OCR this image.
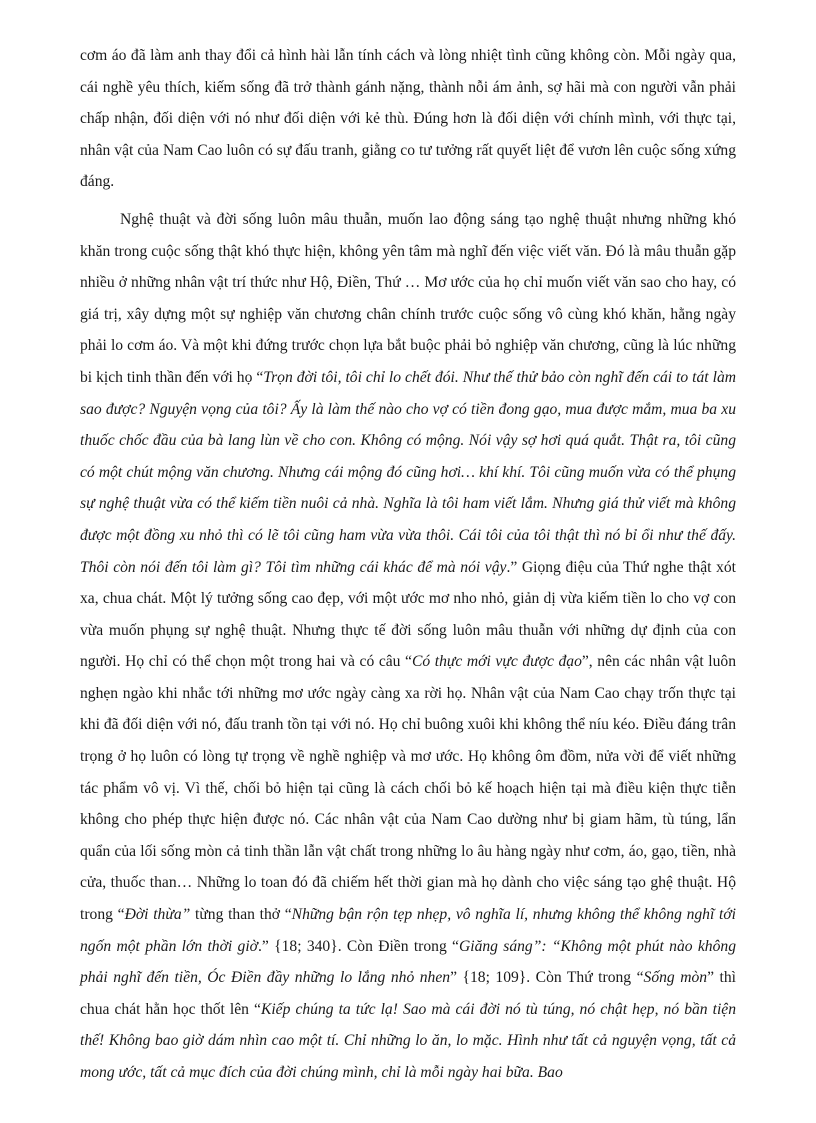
cơm áo đã làm anh thay đổi cả hình hài lẫn tính cách và lòng nhiệt tình cũng không còn. Mỗi ngày qua, cái nghề yêu thích, kiếm sống đã trở thành gánh nặng, thành nỗi ám ảnh, sợ hãi mà con người vẫn phải chấp nhận, đối diện với nó như đối diện với kẻ thù. Đúng hơn là đối diện với chính mình, với thực tại, nhân vật của Nam Cao luôn có sự đấu tranh, giằng co tư tưởng rất quyết liệt để vươn lên cuộc sống xứng đáng.

Nghệ thuật và đời sống luôn mâu thuẫn, muốn lao động sáng tạo nghệ thuật nhưng những khó khăn trong cuộc sống thật khó thực hiện, không yên tâm mà nghĩ đến việc viết văn. Đó là mâu thuẫn gặp nhiều ở những nhân vật trí thức như Hộ, Điền, Thứ … Mơ ước của họ chỉ muốn viết văn sao cho hay, có giá trị, xây dựng một sự nghiệp văn chương chân chính trước cuộc sống vô cùng khó khăn, hằng ngày phải lo cơm áo. Và một khi đứng trước chọn lựa bắt buộc phải bỏ nghiệp văn chương, cũng là lúc những bi kịch tinh thần đến với họ “Trọn đời tôi, tôi chỉ lo chết đói. Như thế thử bảo còn nghĩ đến cái to tát làm sao được? Nguyện vọng của tôi? Ấy là làm thế nào cho vợ có tiền đong gạo, mua được mắm, mua ba xu thuốc chốc đầu của bà lang lùn về cho con. Không có mộng. Nói vậy sợ hơi quá quắt. Thật ra, tôi cũng có một chút mộng văn chương. Nhưng cái mộng đó cũng hơi… khí khí. Tôi cũng muốn vừa có thể phụng sự nghệ thuật vừa có thể kiếm tiền nuôi cả nhà. Nghĩa là tôi ham viết lắm. Nhưng giá thử viết mà không được một đồng xu nhỏ thì có lẽ tôi cũng ham vừa vừa thôi. Cái tôi của tôi thật thì nó bỉ ổi như thế đấy. Thôi còn nói đến tôi làm gì? Tôi tìm những cái khác để mà nói vậy.” Giọng điệu của Thứ nghe thật xót xa, chua chát. Một lý tưởng sống cao đẹp, với một ước mơ nho nhỏ, giản dị vừa kiếm tiền lo cho vợ con vừa muốn phụng sự nghệ thuật. Nhưng thực tế đời sống luôn mâu thuẫn với những dự định của con người. Họ chỉ có thể chọn một trong hai và có câu “Có thực mới vực được đạo”, nên các nhân vật luôn nghẹn ngào khi nhắc tới những mơ ước ngày càng xa rời họ. Nhân vật của Nam Cao chạy trốn thực tại khi đã đối diện với nó, đấu tranh tồn tại với nó. Họ chỉ buông xuôi khi không thể níu kéo. Điều đáng trân trọng ở họ luôn có lòng tự trọng về nghề nghiệp và mơ ước. Họ không ôm đồm, nửa vời để viết những tác phẩm vô vị. Vì thế, chối bỏ hiện tại cũng là cách chối bỏ kế hoạch hiện tại mà điều kiện thực tiễn không cho phép thực hiện được nó. Các nhân vật của Nam Cao dường như bị giam hãm, tù túng, lẩn quẩn của lối sống mòn cả tinh thần lẫn vật chất trong những lo âu hàng ngày như cơm, áo, gạo, tiền, nhà cửa, thuốc than… Những lo toan đó đã chiếm hết thời gian mà họ dành cho việc sáng tạo ghệ thuật. Hộ trong “Đời thừa” từng than thở “Những bận rộn tẹp nhẹp, vô nghĩa lí, nhưng không thể không nghĩ tới ngốn một phần lớn thời giờ.” {18; 340}. Còn Điền trong “Giăng sáng”: “Không một phút nào không phải nghĩ đến tiền, Óc Điền đầy những lo lắng nhỏ nhen” {18; 109}. Còn Thứ trong “Sống mòn” thì chua chát hằn học thốt lên “Kiếp chúng ta tức lạ! Sao mà cái đời nó tù túng, nó chật hẹp, nó bần tiện thế! Không bao giờ dám nhìn cao một tí. Chỉ những lo ăn, lo mặc. Hình như tất cả nguyện vọng, tất cả mong ước, tất cả mục đích của đời chúng mình, chỉ là mỗi ngày hai bữa. Bao
